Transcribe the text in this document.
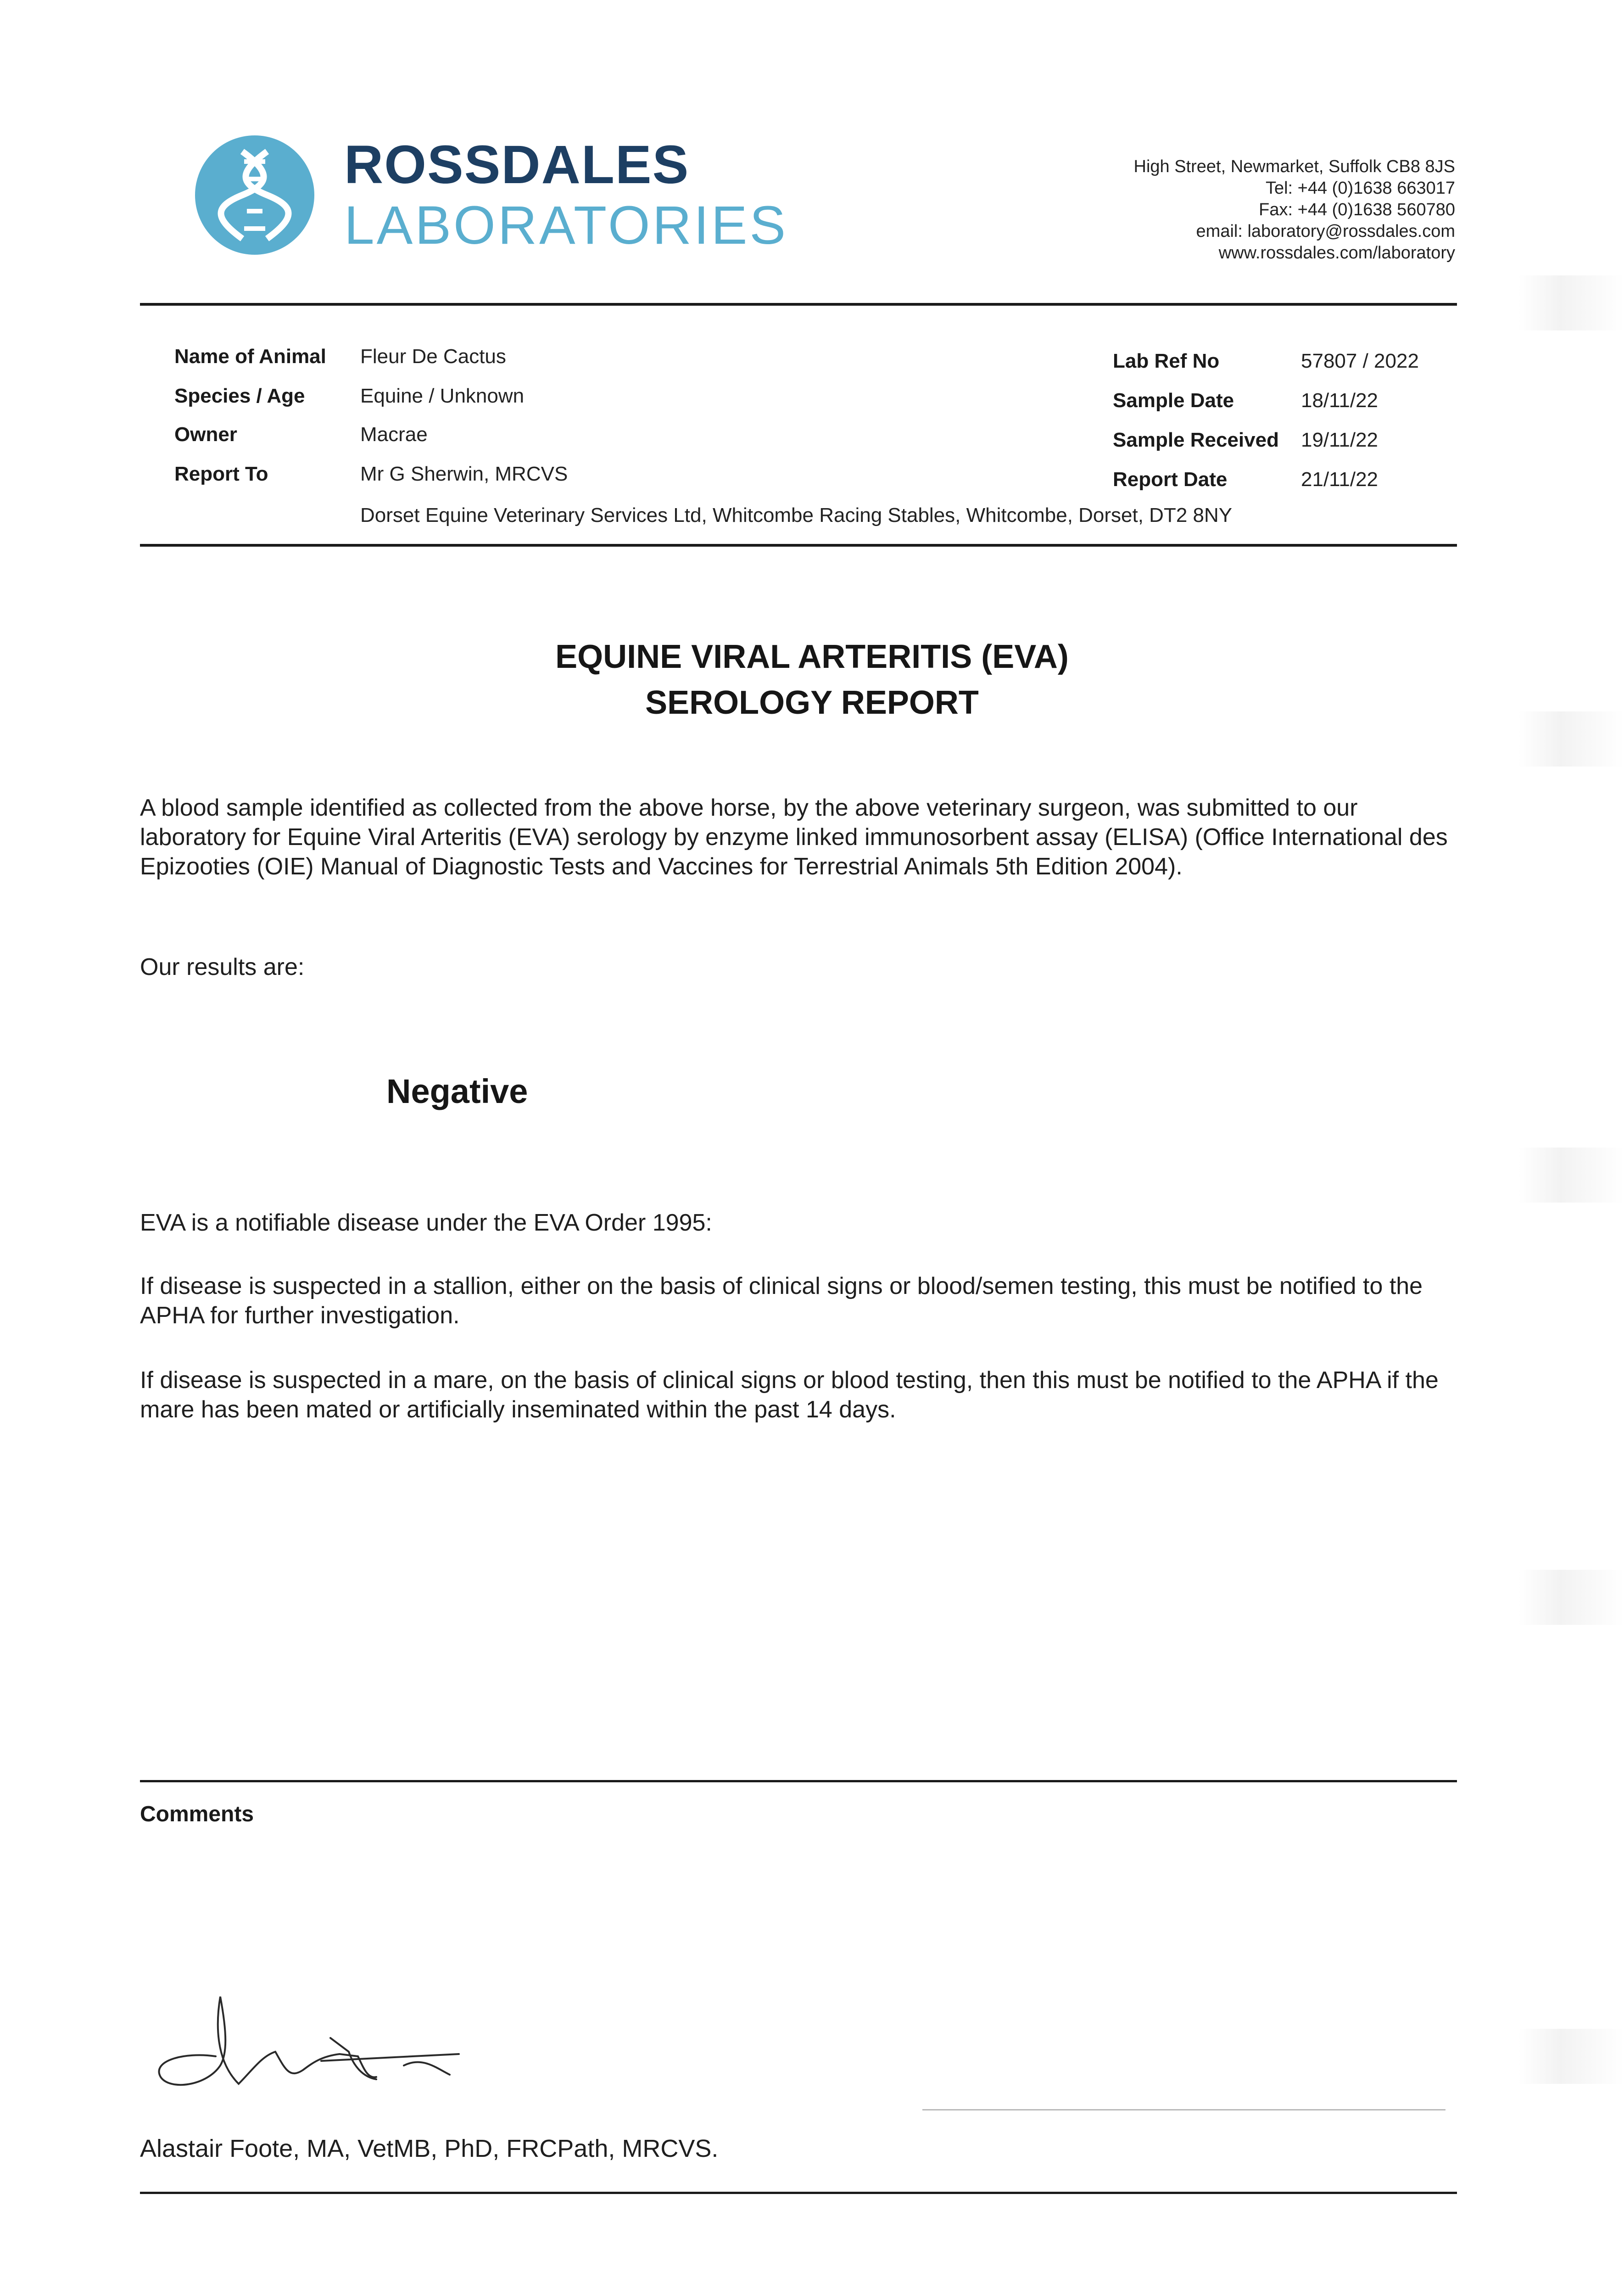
ROSSDALES
LABORATORIES
High Street, Newmarket, Suffolk CB8 8JS
Tel: +44 (0)1638 663017
Fax: +44 (0)1638 560780
email: laboratory@rossdales.com
www.rossdales.com/laboratory
Name of Animal Fleur De Cactus
Species / Age	Equine / Unknown
Owner	Macrae
Report To	Mr G Sherwin, MRCVS
Dorset Equine Veterinary Services Ltd, Whitcombe Racing Stables, Whitcombe, Dorset, DT2 8NY
Lab Ref No	57807 / 2022
Sample Date	18/11/22
Sample Received 19/11/22
Report Date	21/11/22
EQUINE VIRAL ARTERITIS (EVA)
SEROLOGY REPORT
A blood sample identified as collected from the above horse, by the above veterinary surgeon, was submitted to our laboratory for Equine Viral Arteritis (EVA) serology by enzyme linked immunosorbent assay (ELISA) (Office International des Epizooties (OIE) Manual of Diagnostic Tests and Vaccines for Terrestrial Animals 5th Edition 2004).
Our results are:
Negative
EVA is a notifiable disease under the EVA Order 1995:
If disease is suspected in a stallion, either on the basis of clinical signs or blood/semen testing, this must be notified to the APHA for further investigation.
If disease is suspected in a mare, on the basis of clinical signs or blood testing, then this must be notified to the APHA if the mare has been mated or artificially inseminated within the past 14 days.
Comments
Alastair Foote, MA, VetMB, PhD, FRCPath, MRCVS.
